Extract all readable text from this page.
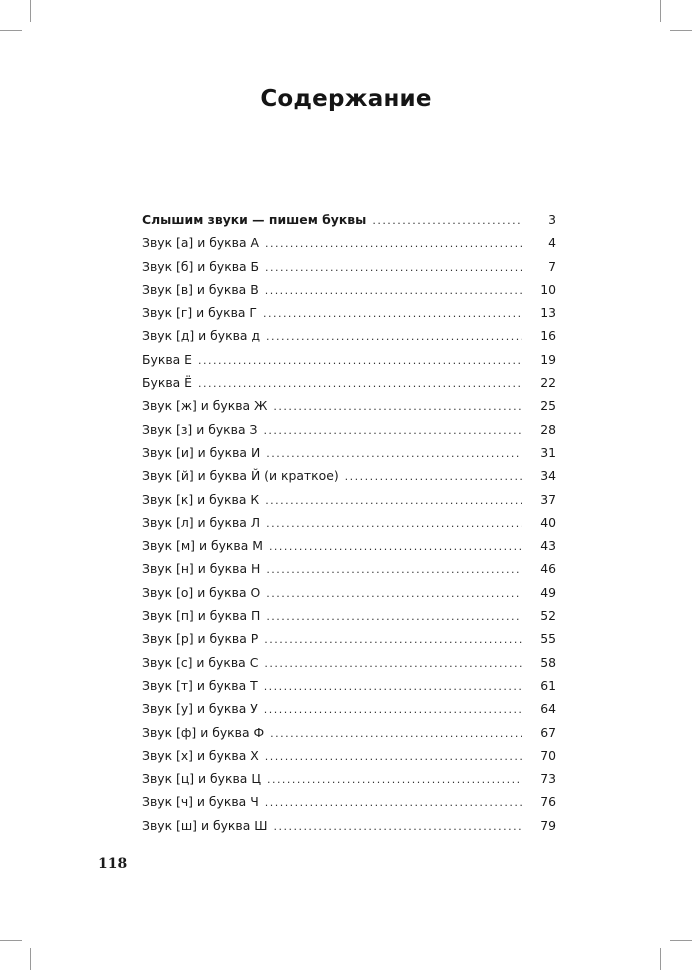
Содержание
Слышим звуки — пишем буквы . . .	3
Звук [а] и буква А . . .	4
Звук [б] и буква Б . . .	7
Звук [в] и буква В . . .	10
Звук [г] и буква Г . . .	13
Звук [д] и буква д . . .	16
Буква Е . . .	19
Буква Ё . . .	22
Звук [ж] и буква Ж . . .	25
Звук [з] и буква З . . .	28
Звук [и] и буква И . . .	31
Звук [й] и буква Й (и краткое) . . .	34
Звук [к] и буква К . . .	37
Звук [л] и буква Л . . .	40
Звук [м] и буква М . . .	43
Звук [н] и буква Н . . .	46
Звук [о] и буква О . . .	49
Звук [п] и буква П . . .	52
Звук [р] и буква Р . . .	55
Звук [с] и буква С . . .	58
Звук [т] и буква Т . . .	61
Звук [у] и буква У . . .	64
Звук [ф] и буква Ф . . .	67
Звук [х] и буква Х . . .	70
Звук [ц] и буква Ц . . .	73
Звук [ч] и буква Ч . . .	76
Звук [ш] и буква Ш . . .	79
118
